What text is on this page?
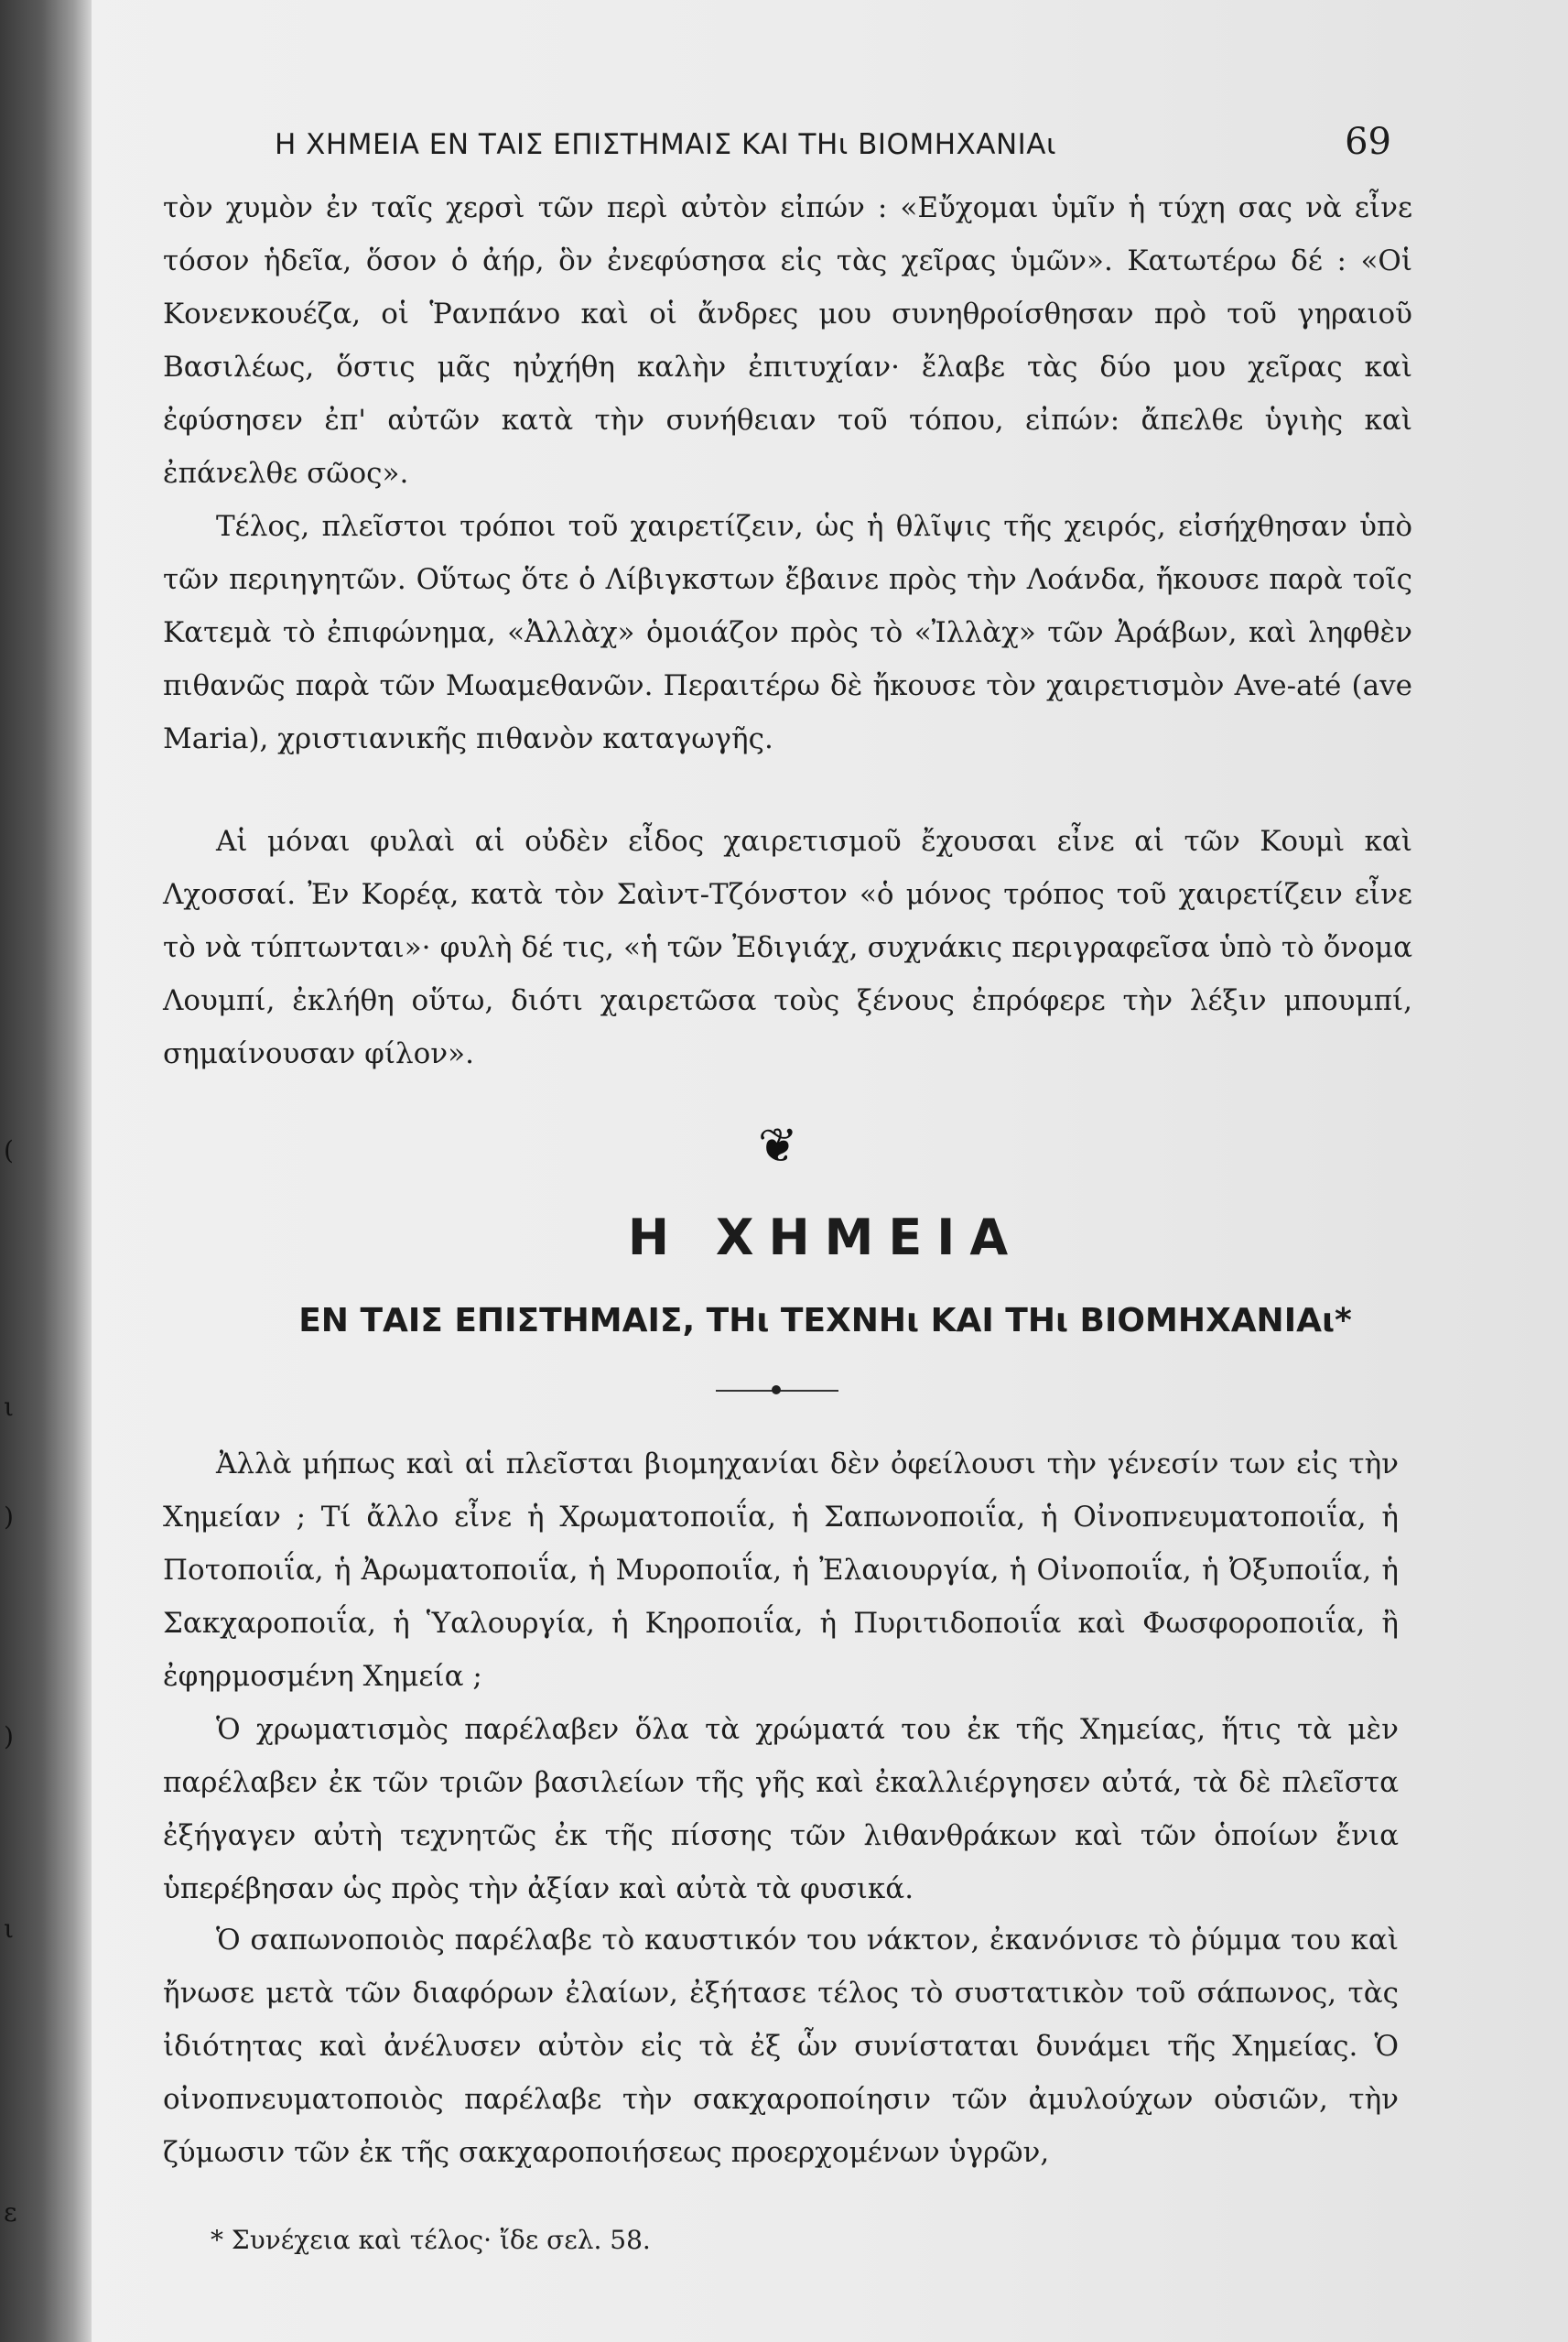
(
ι
)
)
ι
ε
Η ΧΗΜΕΙΑ ΕΝ ΤΑΙΣ ΕΠΙΣΤΗΜΑΙΣ ΚΑΙ ΤΗι ΒΙΟΜΗΧΑΝΙΑι	69

τὸν χυμὸν ἐν ταῖς χερσὶ τῶν περὶ αὐτὸν εἰπών : «Εὔχομαι ὑμῖν ἡ τύχη σας νὰ εἶνε τόσον ἡδεῖα, ὅσον ὁ ἀήρ, ὃν ἐνεφύσησα εἰς τὰς χεῖρας ὑμῶν». Κατωτέρω δέ : «Οἱ Κονενκουέζα, οἱ Ῥανπάνο καὶ οἱ ἄνδρες μου συνηθροίσθησαν πρὸ τοῦ γηραιοῦ Βασιλέως, ὅστις μᾶς ηὐχήθη καλὴν ἐπιτυχίαν· ἔλαβε τὰς δύο μου χεῖρας καὶ ἐφύσησεν ἐπ' αὐτῶν κατὰ τὴν συνήθειαν τοῦ τόπου, εἰπών: ἄπελθε ὑγιὴς καὶ ἐπάνελθε σῶος».

Τέλος, πλεῖστοι τρόποι τοῦ χαιρετίζειν, ὡς ἡ θλῖψις τῆς χειρός, εἰσήχθησαν ὑπὸ τῶν περιηγητῶν. Οὕτως ὅτε ὁ Λίβιγκστων ἔβαινε πρὸς τὴν Λοάνδα, ἤκουσε παρὰ τοῖς Κατεμὰ τὸ ἐπιφώνημα, «Ἀλλὰχ» ὁμοιάζον πρὸς τὸ «Ἰλλὰχ» τῶν Ἀράβων, καὶ ληφθὲν πιθανῶς παρὰ τῶν Μωαμεθανῶν. Περαιτέρω δὲ ἤκουσε τὸν χαιρετισμὸν Ave-até (ave Maria), χριστιανικῆς πιθανὸν καταγωγῆς.

Αἱ μόναι φυλαὶ αἱ οὐδὲν εἶδος χαιρετισμοῦ ἔχουσαι εἶνε αἱ τῶν Κουμὶ καὶ Λχοσσαί. Ἐν Κορέᾳ, κατὰ τὸν Σαὶντ-Τζόνστον «ὁ μόνος τρόπος τοῦ χαιρετίζειν εἶνε τὸ νὰ τύπτωνται»· φυλὴ δέ τις, «ἡ τῶν Ἐδιγιάχ, συχνάκις περιγραφεῖσα ὑπὸ τὸ ὄνομα Λουμπί, ἐκλήθη οὕτω, διότι χαιρετῶσα τοὺς ξένους ἐπρόφερε τὴν λέξιν μπουμπί, σημαίνουσαν φίλον».

❦
Η ΧΗΜΕΙΑ
ΕΝ ΤΑΙΣ ΕΠΙΣΤΗΜΑΙΣ, ΤΗι ΤΕΧΝΗι ΚΑΙ ΤΗι ΒΙΟΜΗΧΑΝΙΑι*

Ἀλλὰ μήπως καὶ αἱ πλεῖσται βιομηχανίαι δὲν ὀφείλουσι τὴν γένεσίν των εἰς τὴν Χημείαν ; Τί ἄλλο εἶνε ἡ Χρωματοποιΐα, ἡ Σαπωνοποιΐα, ἡ Οἰνοπνευματοποιΐα, ἡ Ποτοποιΐα, ἡ Ἀρωματοποιΐα, ἡ Μυροποιΐα, ἡ Ἐλαιουργία, ἡ Οἰνοποιΐα, ἡ Ὀξυποιΐα, ἡ Σακχαροποιΐα, ἡ Ὑαλουργία, ἡ Κηροποιΐα, ἡ Πυριτιδοποιΐα καὶ Φωσφοροποιΐα, ἢ ἐφηρμοσμένη Χημεία ;

Ὁ χρωματισμὸς παρέλαβεν ὅλα τὰ χρώματά του ἐκ τῆς Χημείας, ἥτις τὰ μὲν παρέλαβεν ἐκ τῶν τριῶν βασιλείων τῆς γῆς καὶ ἐκαλλιέργησεν αὐτά, τὰ δὲ πλεῖστα ἐξήγαγεν αὐτὴ τεχνητῶς ἐκ τῆς πίσσης τῶν λιθανθράκων καὶ τῶν ὁποίων ἔνια ὑπερέβησαν ὡς πρὸς τὴν ἀξίαν καὶ αὐτὰ τὰ φυσικά.

Ὁ σαπωνοποιὸς παρέλαβε τὸ καυστικόν του νάκτον, ἐκανόνισε τὸ ῥύμμα του καὶ ἤνωσε μετὰ τῶν διαφόρων ἐλαίων, ἐξήτασε τέλος τὸ συστατικὸν τοῦ σάπωνος, τὰς ἰδιότητας καὶ ἀνέλυσεν αὐτὸν εἰς τὰ ἐξ ὧν συνίσταται δυνάμει τῆς Χημείας. Ὁ οἰνοπνευματοποιὸς παρέλαβε τὴν σακχαροποίησιν τῶν ἀμυλούχων οὐσιῶν, τὴν ζύμωσιν τῶν ἐκ τῆς σακχαροποιήσεως προερχομένων ὑγρῶν,

* Συνέχεια καὶ τέλος· ἴδε σελ. 58.
